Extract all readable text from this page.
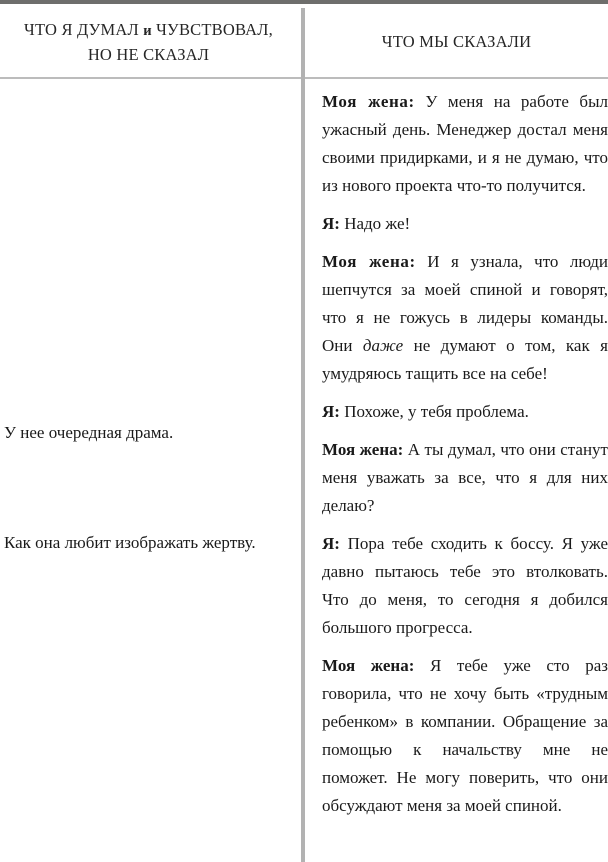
ЧТО Я ДУМАЛ и ЧУВСТВОВАЛ,
НО НЕ СКАЗАЛ
ЧТО МЫ СКАЗАЛИ
У нее очередная драма.
Как она любит изображать жертву.

Моя жена: У меня на работе был ужасный день. Менеджер достал меня своими придирками, и я не думаю, что из нового проекта что-то получится.

Я: Надо же!

Моя жена: И я узнала, что люди шепчутся за моей спиной и говорят, что я не гожусь в лидеры команды. Они даже не думают о том, как я умудряюсь тащить все на себе!

Я: Похоже, у тебя проблема.

Моя жена: А ты думал, что они станут меня уважать за все, что я для них делаю?

Я: Пора тебе сходить к боссу. Я уже давно пытаюсь тебе это втолковать. Что до меня, то сегодня я добился большого прогресса.

Моя жена: Я тебе уже сто раз говорила, что не хочу быть «трудным ребенком» в компании. Обращение за помощью к начальству мне не поможет. Не могу поверить, что они обсуждают меня за моей спиной.
